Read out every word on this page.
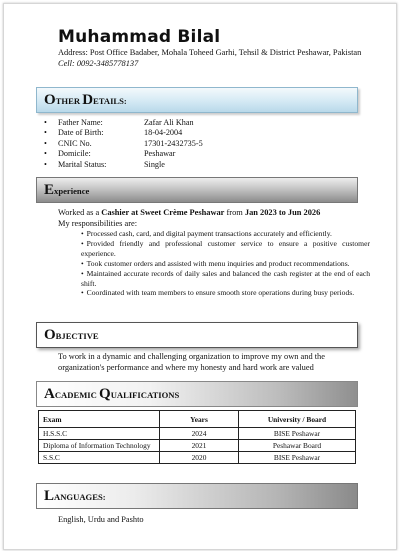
Muhammad Bilal
Address: Post Office Badaber, Mohala Toheed Garhi, Tehsil & District Peshawar, Pakistan
Cell: 0092-3485778137
OTHER DETAILS:
•	Father Name:	Zafar Ali Khan
•	Date of Birth:	18-04-2004
•	CNIC No.	17301-2432735-5
•	Domicile:	Peshawar
•	Marital Status:	Single
Experience
Worked as a Cashier at Sweet Crème Peshawar from Jan 2023 to Jun 2026
My responsibilities are:
• Processed cash, card, and digital payment transactions accurately and efficiently.
• Provided friendly and professional customer service to ensure a positive customer experience.
• Took customer orders and assisted with menu inquiries and product recommendations.
• Maintained accurate records of daily sales and balanced the cash register at the end of each shift.
• Coordinated with team members to ensure smooth store operations during busy periods.
OBJECTIVE
To work in a dynamic and challenging organization to improve my own and the organization's performance and where my honesty and hard work are valued
ACADEMIC QUALIFICATIONS
Exam	Years	University / Board
H.S.S.C	2024	BISE Peshawar
Diploma of Information Technology	2021	Peshawar Board
S.S.C	2020	BISE Peshawar
LANGUAGES:
English, Urdu and Pashto
